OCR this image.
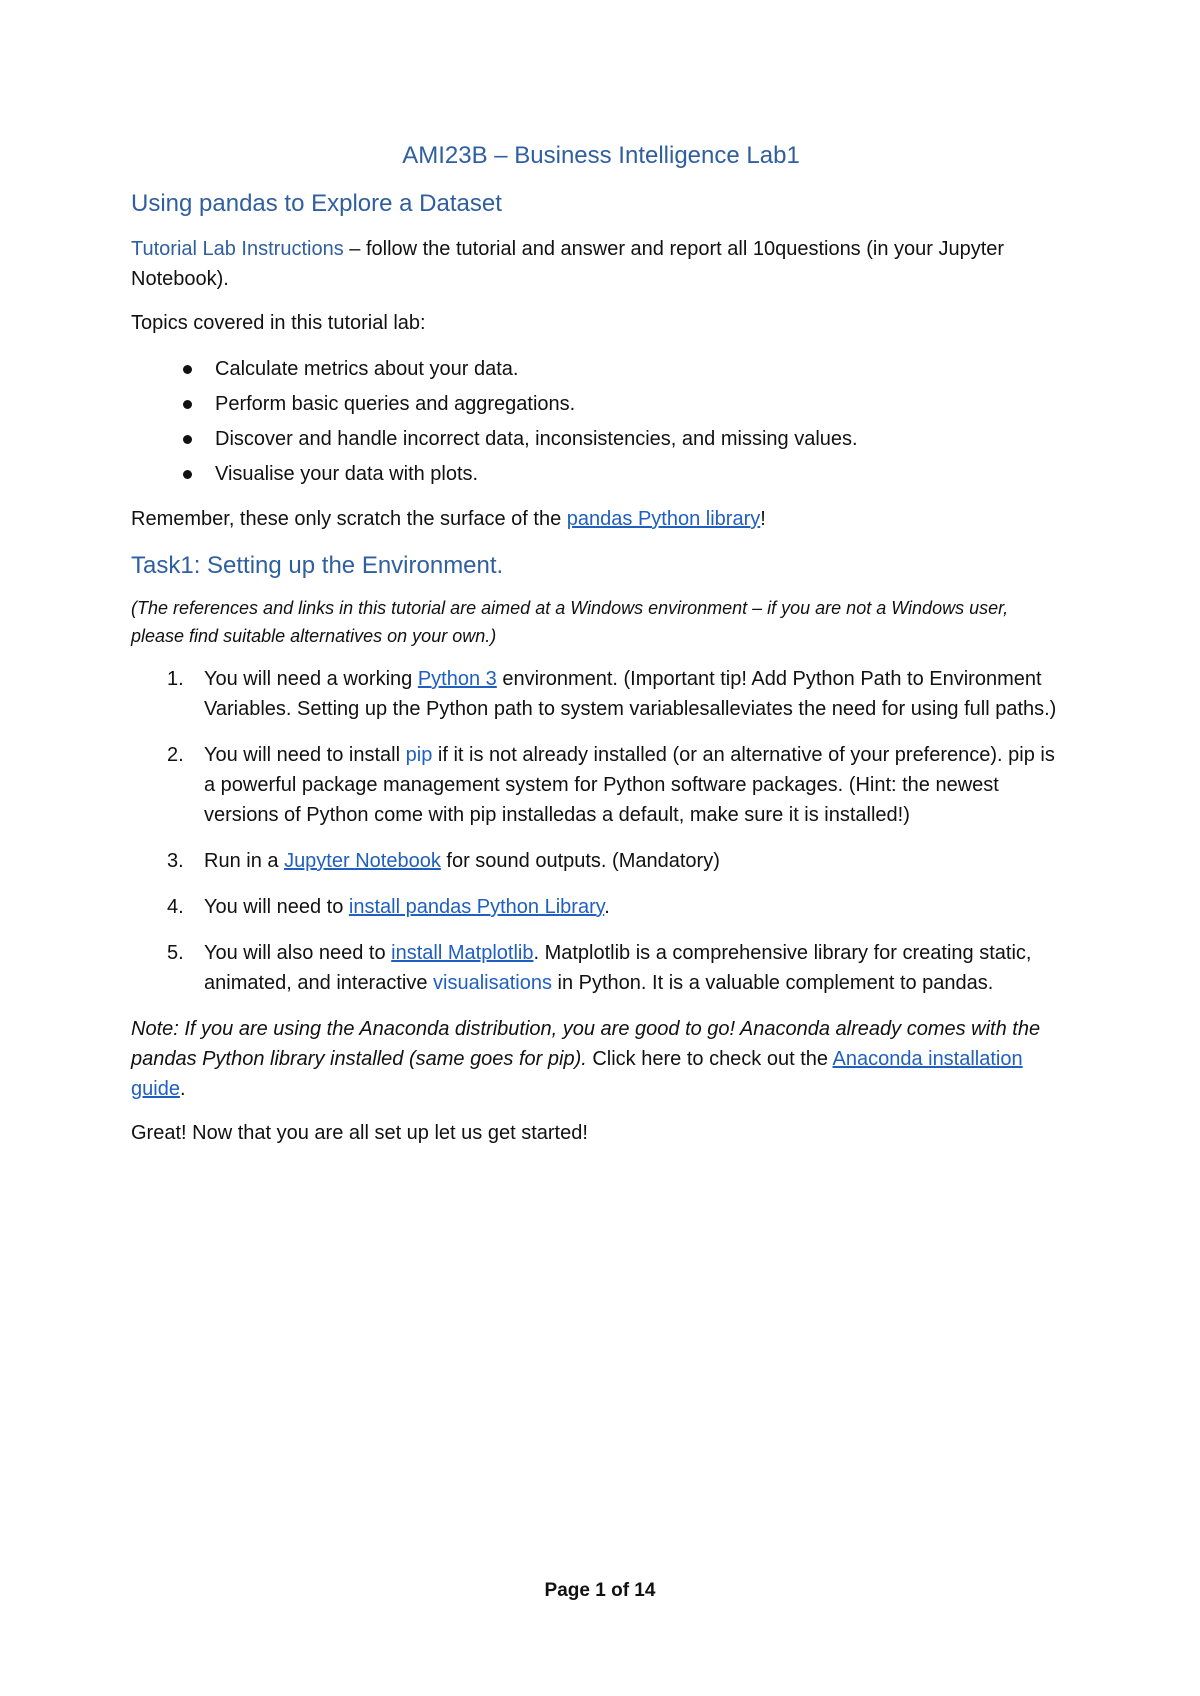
AMI23B – Business Intelligence Lab1
Using pandas to Explore a Dataset

Tutorial Lab Instructions – follow the tutorial and answer and report all 10questions (in your Jupyter Notebook).

Topics covered in this tutorial lab:

Calculate metrics about your data.
Perform basic queries and aggregations.
Discover and handle incorrect data, inconsistencies, and missing values.
Visualise your data with plots.

Remember, these only scratch the surface of the pandas Python library!

Task1: Setting up the Environment.

(The references and links in this tutorial are aimed at a Windows environment – if you are not a Windows user, please find suitable alternatives on your own.)

1. You will need a working Python 3 environment. (Important tip! Add Python Path to Environment Variables. Setting up the Python path to system variablesalleviates the need for using full paths.)
2. You will need to install pip if it is not already installed (or an alternative of your preference). pip is a powerful package management system for Python software packages. (Hint: the newest versions of Python come with pip installedas a default, make sure it is installed!)
3. Run in a Jupyter Notebook for sound outputs. (Mandatory)
4. You will need to install pandas Python Library.
5. You will also need to install Matplotlib. Matplotlib is a comprehensive library for creating static, animated, and interactive visualisations in Python. It is a valuable complement to pandas.

Note: If you are using the Anaconda distribution, you are good to go! Anaconda already comes with the pandas Python library installed (same goes for pip). Click here to check out the Anaconda installation guide.

Great! Now that you are all set up let us get started!

Page 1 of 14
